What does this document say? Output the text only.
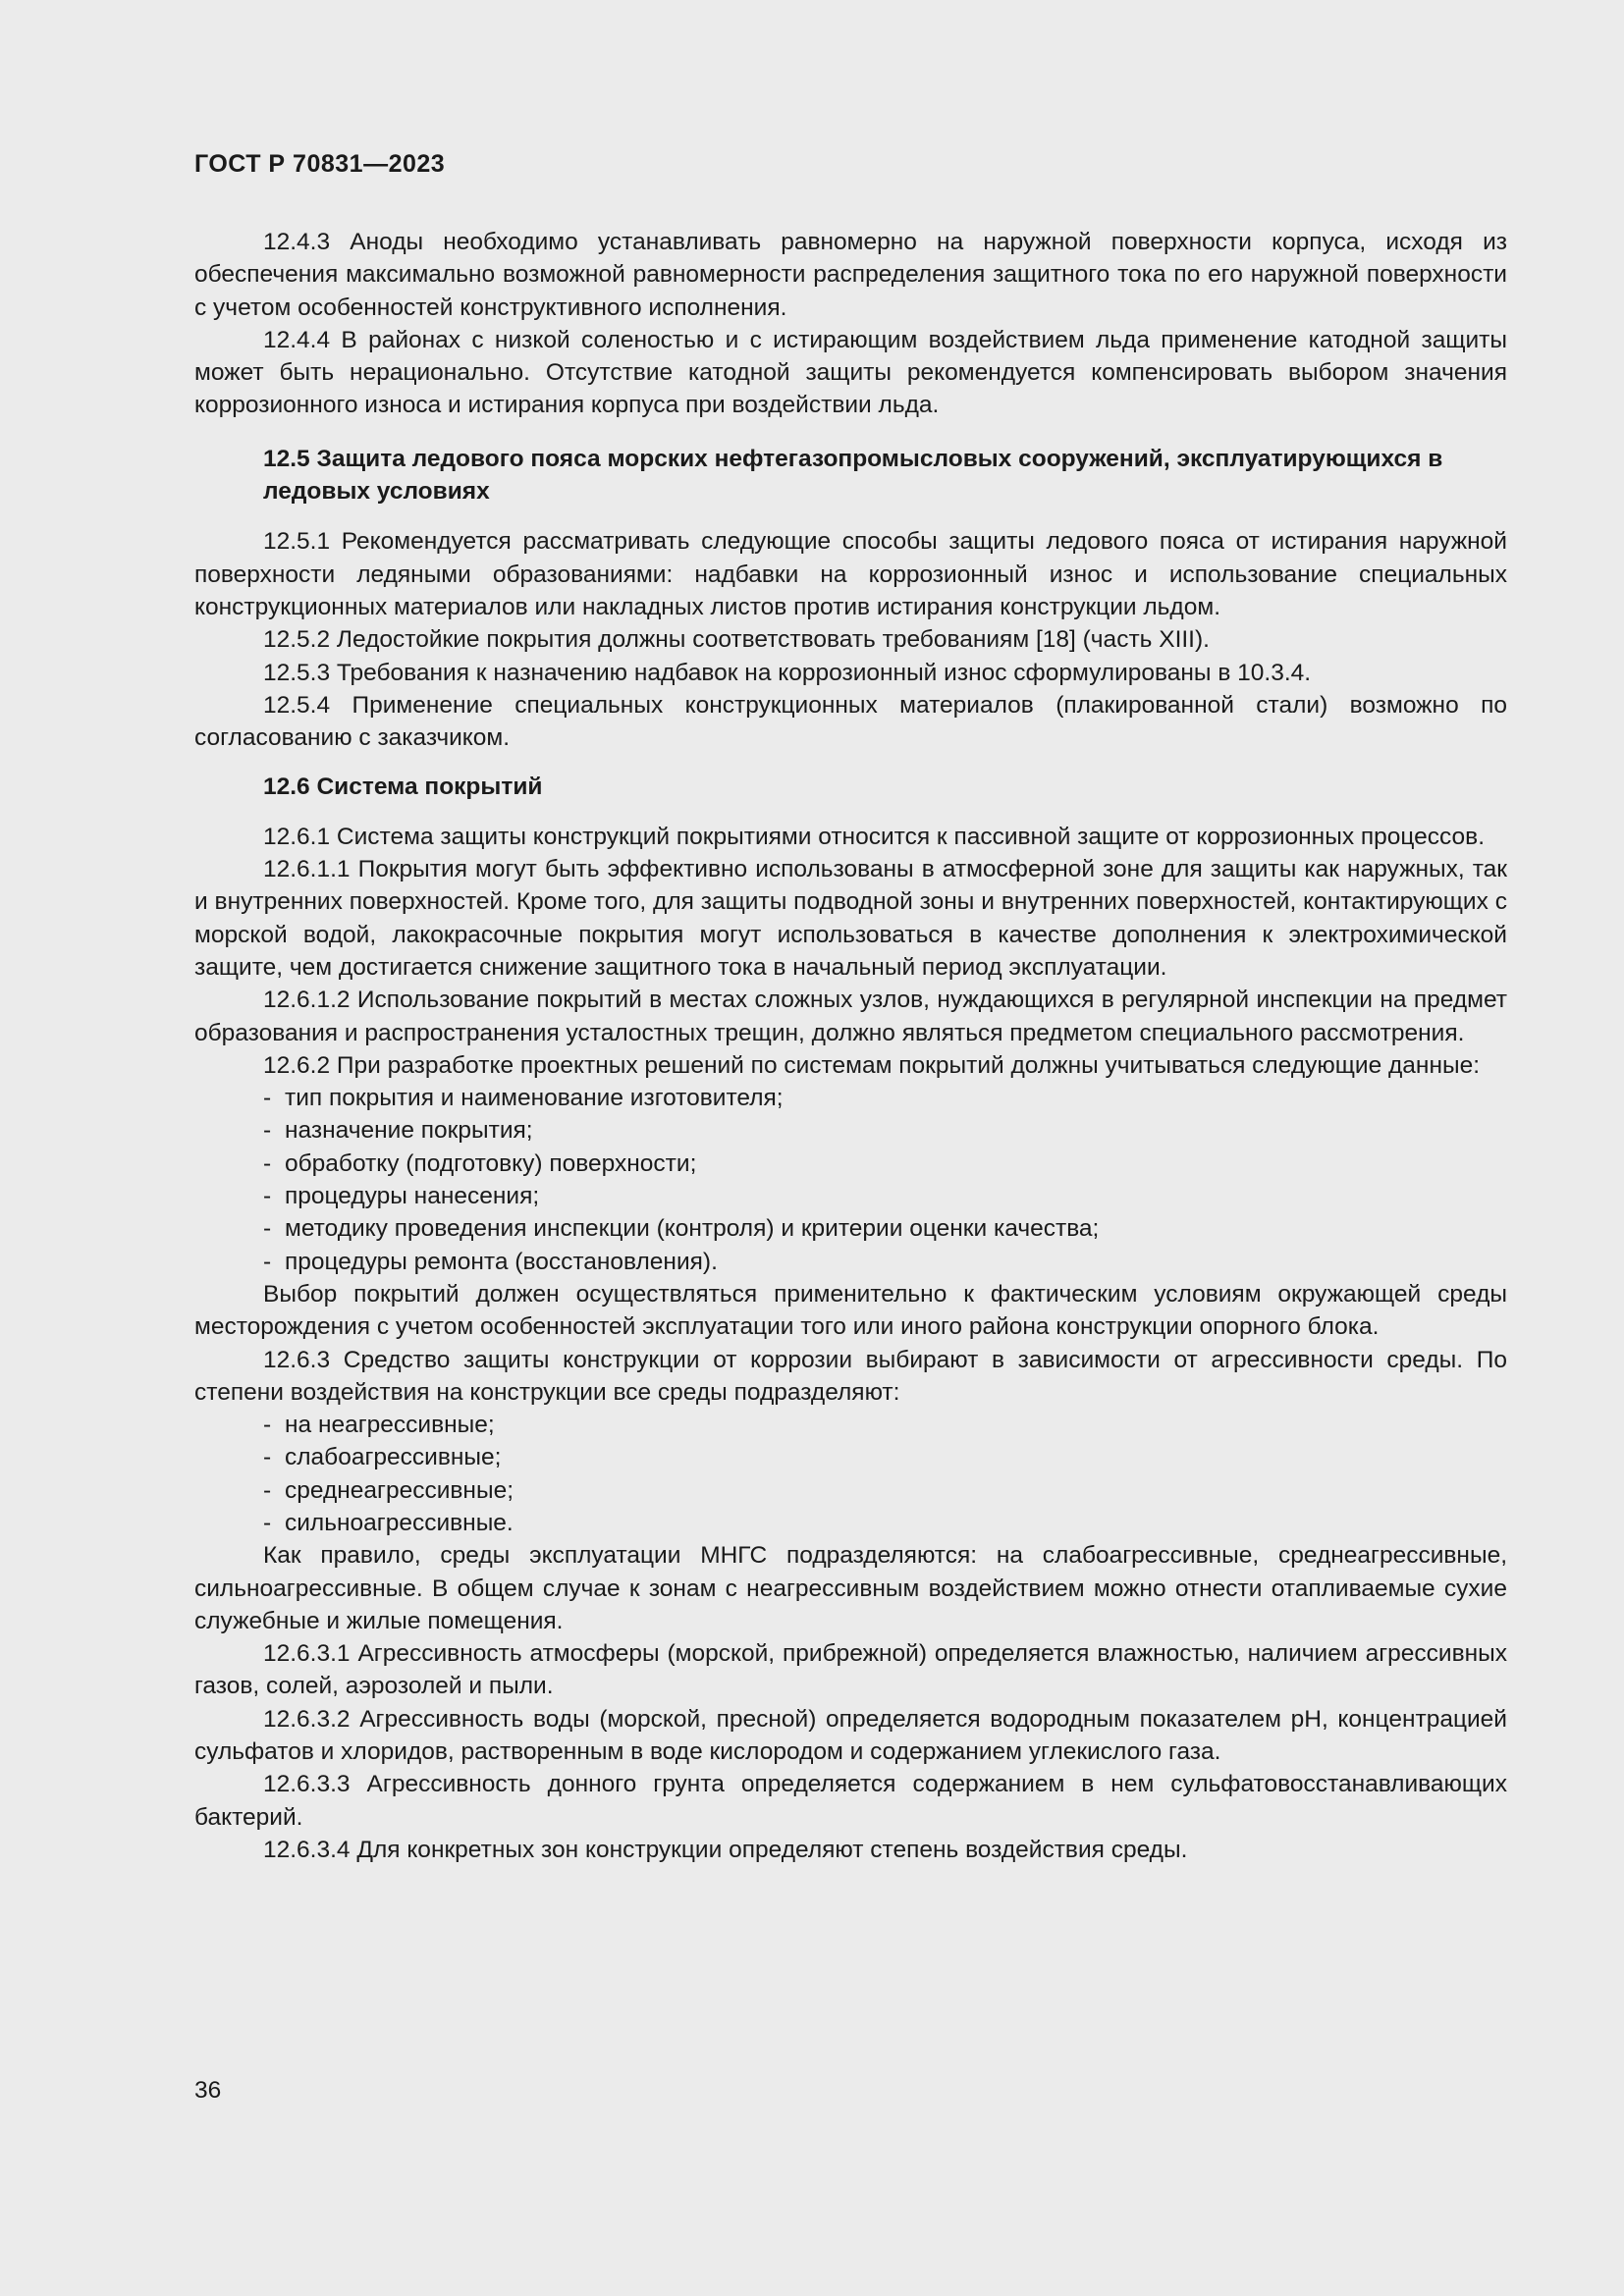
ГОСТ Р 70831—2023

12.4.3 Аноды необходимо устанавливать равномерно на наружной поверхности корпуса, исходя из обеспечения максимально возможной равномерности распределения защитного тока по его наружной поверхности с учетом особенностей конструктивного исполнения.

12.4.4 В районах с низкой соленостью и с истирающим воздействием льда применение катодной защиты может быть нерационально. Отсутствие катодной защиты рекомендуется компенсировать выбором значения коррозионного износа и истирания корпуса при воздействии льда.

12.5 Защита ледового пояса морских нефтегазопромысловых сооружений, эксплуатирующихся в ледовых условиях

12.5.1 Рекомендуется рассматривать следующие способы защиты ледового пояса от истирания наружной поверхности ледяными образованиями: надбавки на коррозионный износ и использование специальных конструкционных материалов или накладных листов против истирания конструкции льдом.

12.5.2 Ледостойкие покрытия должны соответствовать требованиям [18] (часть XIII).

12.5.3 Требования к назначению надбавок на коррозионный износ сформулированы в 10.3.4.

12.5.4 Применение специальных конструкционных материалов (плакированной стали) возможно по согласованию с заказчиком.

12.6 Система покрытий

12.6.1 Система защиты конструкций покрытиями относится к пассивной защите от коррозионных процессов.

12.6.1.1 Покрытия могут быть эффективно использованы в атмосферной зоне для защиты как наружных, так и внутренних поверхностей. Кроме того, для защиты подводной зоны и внутренних поверхностей, контактирующих с морской водой, лакокрасочные покрытия могут использоваться в качестве дополнения к электрохимической защите, чем достигается снижение защитного тока в начальный период эксплуатации.

12.6.1.2 Использование покрытий в местах сложных узлов, нуждающихся в регулярной инспекции на предмет образования и распространения усталостных трещин, должно являться предметом специального рассмотрения.

12.6.2 При разработке проектных решений по системам покрытий должны учитываться следующие данные:

- тип покрытия и наименование изготовителя;
- назначение покрытия;
- обработку (подготовку) поверхности;
- процедуры нанесения;
- методику проведения инспекции (контроля) и критерии оценки качества;
- процедуры ремонта (восстановления).

Выбор покрытий должен осуществляться применительно к фактическим условиям окружающей среды месторождения с учетом особенностей эксплуатации того или иного района конструкции опорного блока.

12.6.3 Средство защиты конструкции от коррозии выбирают в зависимости от агрессивности среды. По степени воздействия на конструкции все среды подразделяют:

- на неагрессивные;
- слабоагрессивные;
- среднеагрессивные;
- сильноагрессивные.

Как правило, среды эксплуатации МНГС подразделяются: на слабоагрессивные, среднеагрессивные, сильноагрессивные. В общем случае к зонам с неагрессивным воздействием можно отнести отапливаемые сухие служебные и жилые помещения.

12.6.3.1 Агрессивность атмосферы (морской, прибрежной) определяется влажностью, наличием агрессивных газов, солей, аэрозолей и пыли.

12.6.3.2 Агрессивность воды (морской, пресной) определяется водородным показателем pH, концентрацией сульфатов и хлоридов, растворенным в воде кислородом и содержанием углекислого газа.

12.6.3.3 Агрессивность донного грунта определяется содержанием в нем сульфатовосстанавливающих бактерий.

12.6.3.4 Для конкретных зон конструкции определяют степень воздействия среды.

36
